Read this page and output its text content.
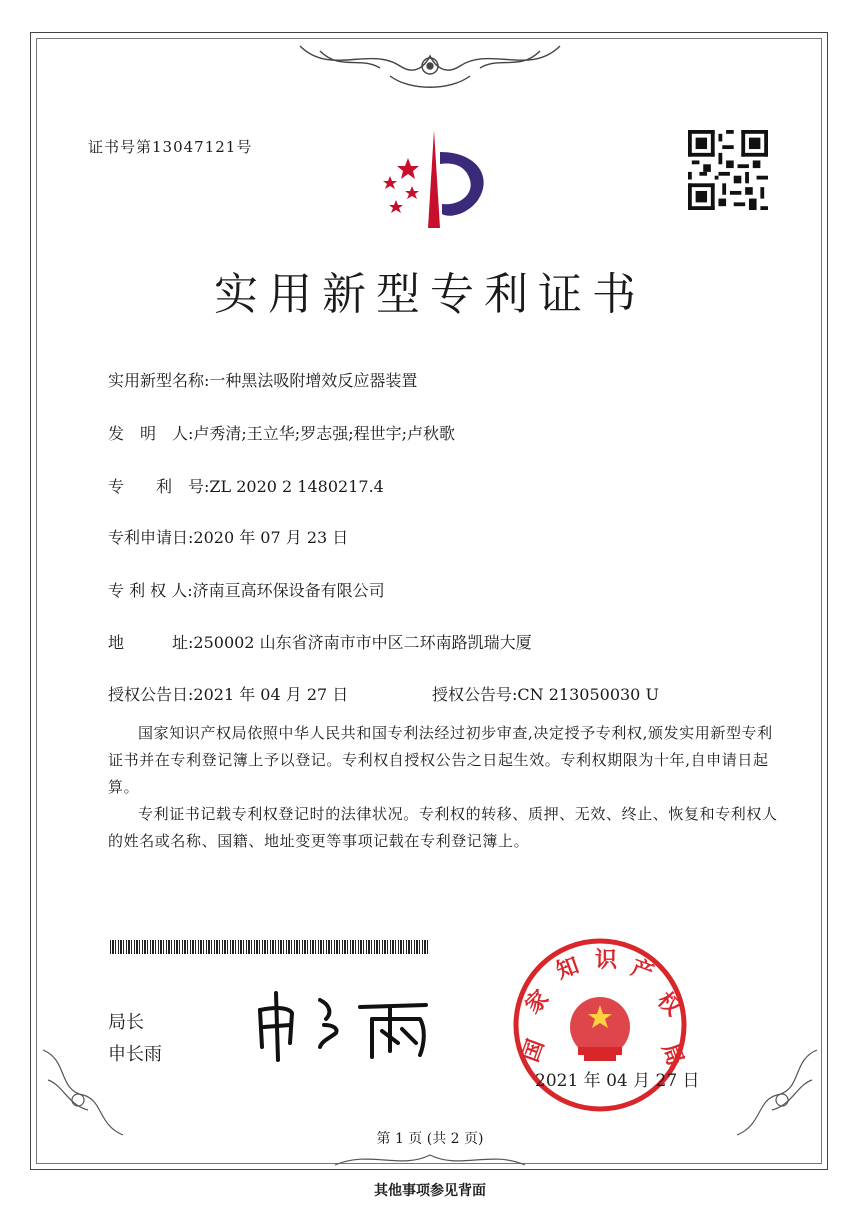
证书号第13047121号
实用新型专利证书
实用新型名称:一种黑法吸附增效反应器装置
发　明　人:卢秀清;王立华;罗志强;程世宇;卢秋歌
专　　利　号:ZL 2020 2 1480217.4
专利申请日:2020 年 07 月 23 日
专 利 权 人:济南亘高环保设备有限公司
地　　　址:250002 山东省济南市市中区二环南路凯瑞大厦
授权公告日:2021 年 04 月 27 日	授权公告号:CN 213050030 U

国家知识产权局依照中华人民共和国专利法经过初步审查,决定授予专利权,颁发实用新型专利证书并在专利登记簿上予以登记。专利权自授权公告之日起生效。专利权期限为十年,自申请日起算。

专利证书记载专利权登记时的法律状况。专利权的转移、质押、无效、终止、恢复和专利权人的姓名或名称、国籍、地址变更等事项记载在专利登记簿上。

局长
申长雨	国
家
知 识 产
权
局
2021 年 04 月 27 日
第 1 页 (共 2 页)
其他事项参见背面
